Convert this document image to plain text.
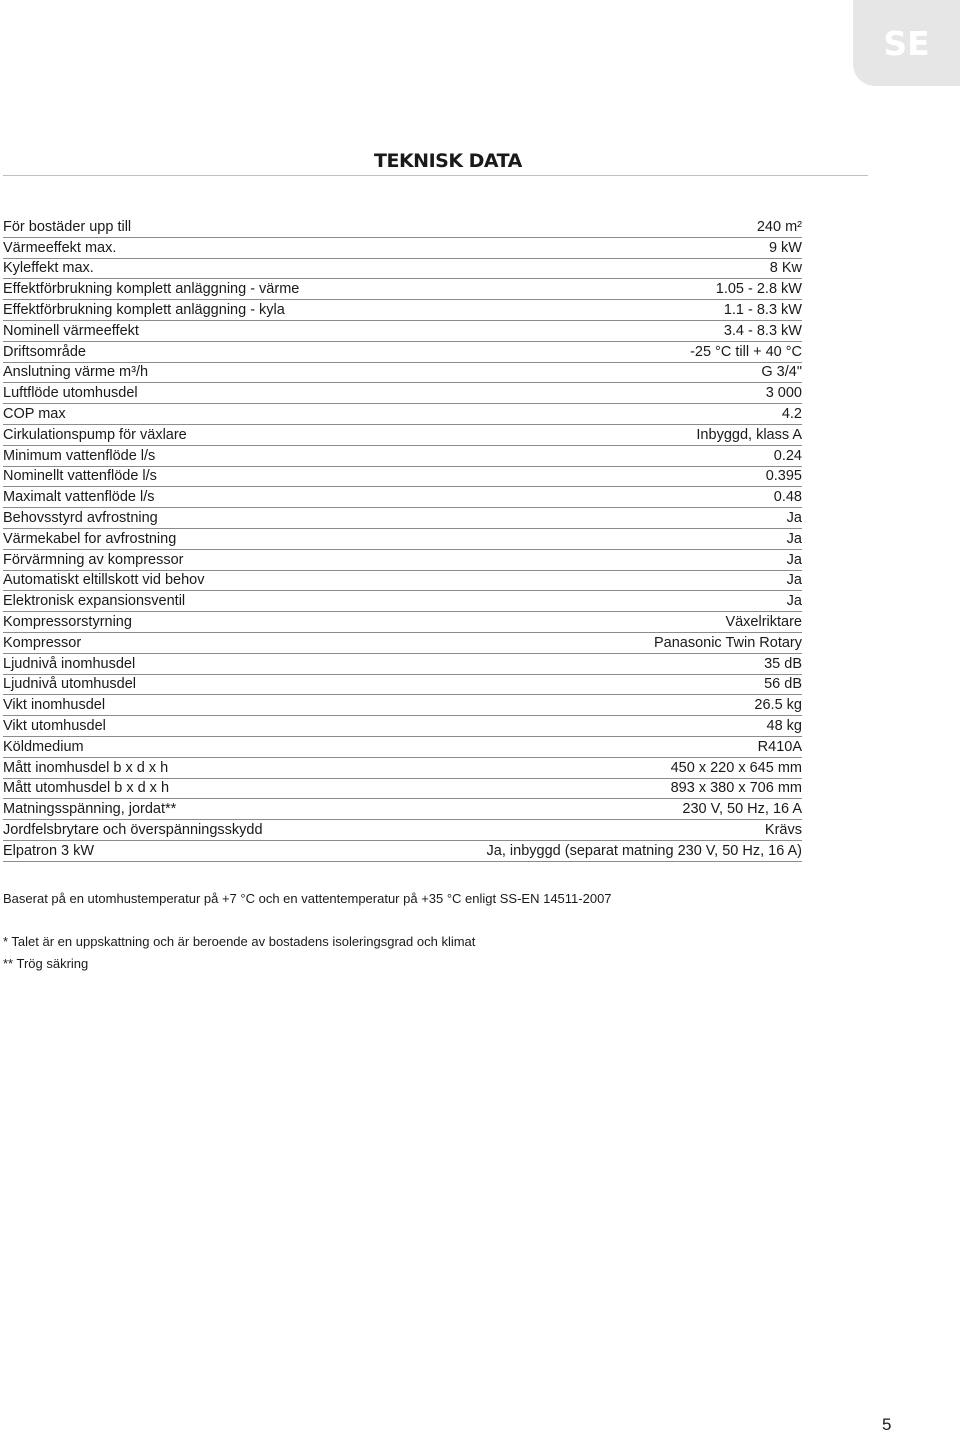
SE
TEKNISK DATA
För bostäder upp till	240 m²
Värmeeffekt max.	9 kW
Kyleffekt max.	8 Kw
Effektförbrukning komplett anläggning - värme	1.05 - 2.8 kW
Effektförbrukning komplett anläggning - kyla	1.1 - 8.3 kW
Nominell värmeeffekt	3.4 - 8.3 kW
Driftsområde	-25 °C till + 40 °C
Anslutning värme m³/h	G 3/4"
Luftflöde utomhusdel	3 000
COP max	4.2
Cirkulationspump för växlare	Inbyggd, klass A
Minimum vattenflöde l/s	0.24
Nominellt vattenflöde l/s	0.395
Maximalt vattenflöde l/s	0.48
Behovsstyrd avfrostning	Ja
Värmekabel for avfrostning	Ja
Förvärmning av kompressor	Ja
Automatiskt eltillskott vid behov	Ja
Elektronisk expansionsventil	Ja
Kompressorstyrning	Växelriktare
Kompressor	Panasonic Twin Rotary
Ljudnivå inomhusdel	35 dB
Ljudnivå utomhusdel	56 dB
Vikt inomhusdel	26.5 kg
Vikt utomhusdel	48 kg
Köldmedium	R410A
Mått inomhusdel b x d x h	450 x 220 x 645 mm
Mått utomhusdel b x d x h	893 x 380 x 706 mm
Matningsspänning, jordat**	230 V, 50 Hz, 16 A
Jordfelsbrytare och överspänningsskydd	Krävs
Elpatron 3 kW	Ja, inbyggd (separat matning 230 V, 50 Hz, 16 A)
Baserat på en utomhustemperatur på +7 °C och en vattentemperatur på +35 °C enligt SS-EN 14511-2007
* Talet är en uppskattning och är beroende av bostadens isoleringsgrad och klimat
** Trög säkring
5
